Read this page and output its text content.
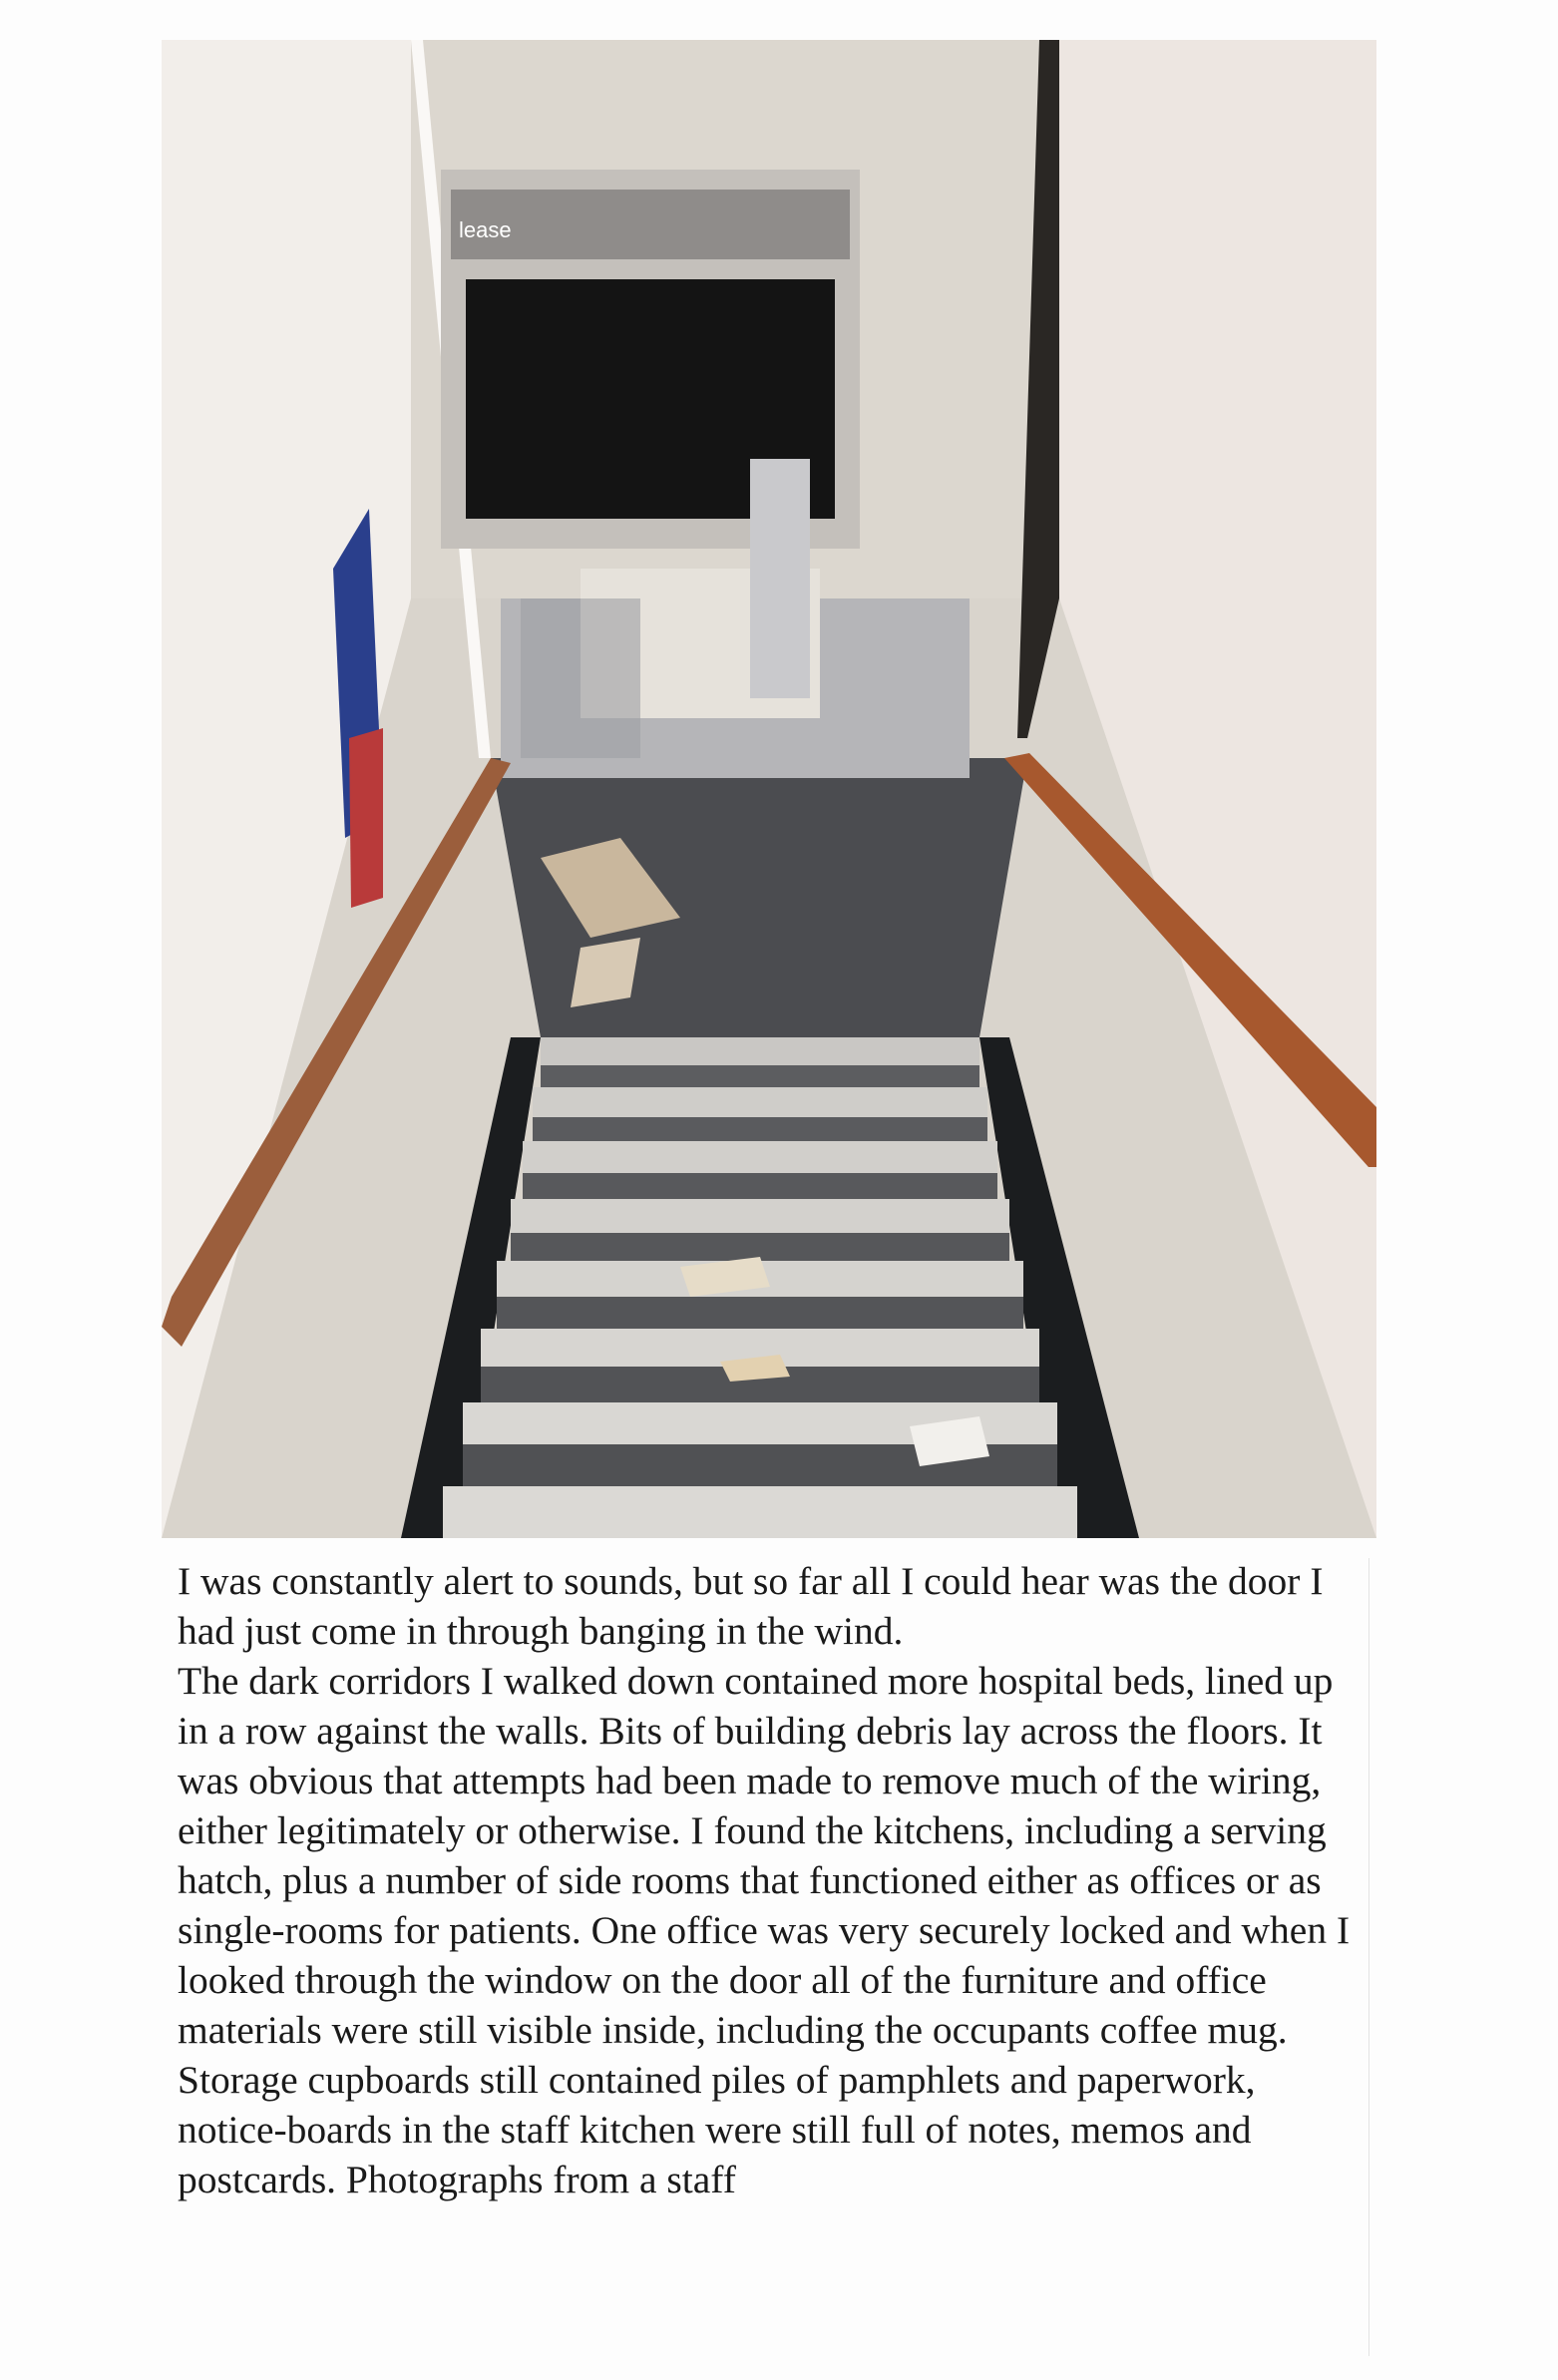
lease

I was constantly alert to sounds, but so far all I could hear was the door I had just come in through banging in the wind.

The dark corridors I walked down contained more hospital beds, lined up in a row against the walls. Bits of building debris lay across the floors. It was obvious that attempts had been made to remove much of the wiring, either legitimately or otherwise. I found the kitchens, including a serving hatch, plus a number of side rooms that functioned either as offices or as single-rooms for patients. One office was very securely locked and when I looked through the window on the door all of the furniture and office materials were still visible inside, including the occupants coffee mug. Storage cupboards still contained piles of pamphlets and paperwork, notice-boards in the staff kitchen were still full of notes, memos and postcards. Photographs from a staff
